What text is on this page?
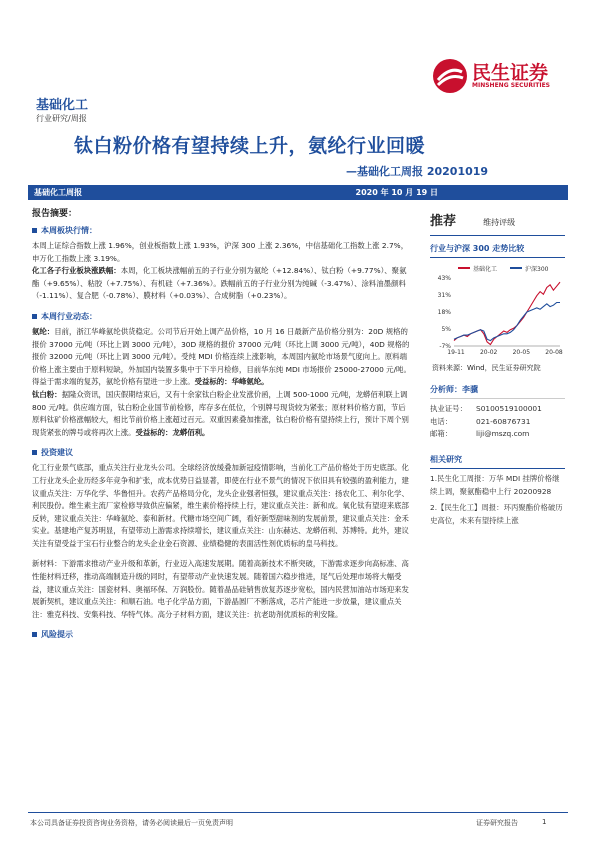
基础化工
行业研究/周报
民生证券
MINSHENG SECURITIES
钛白粉价格有望持续上升，氨纶行业回暖
—基础化工周报 20201019
基础化工周报	2020 年 10 月 19 日
报告摘要：
本周板块行情：

本周上证综合指数上涨 1.96%，创业板指数上涨 1.93%，沪深 300 上涨 2.36%，中信基础化工指数上涨 2.7%，申万化工指数上涨 3.19%。

化工各子行业板块涨跌幅：本周，化工板块涨幅前五的子行业分别为氨纶（+12.84%）、钛白粉（+9.77%）、聚氨酯（+9.65%）、粘胶（+7.75%）、有机硅（+7.36%）。跌幅前五的子行业分别为纯碱（-3.47%）、涂料油墨颜料（-1.11%）、复合肥（-0.78%）、膜材料（+0.03%）、合成树脂（+0.23%）。

本周行业动态：

氨纶：目前，浙江华峰氨纶供货稳定。公司节后开始上调产品价格，10 月 16 日最新产品价格分别为：20D 规格的报价 37000 元/吨（环比上调 3000 元/吨），30D 规格的报价 37000 元/吨（环比上调 3000 元/吨），40D 规格的报价 32000 元/吨（环比上调 3000 元/吨）。受纯 MDI 价格连续上涨影响，本周国内氨纶市场景气度向上。原料端价格上涨主要由于原料短缺，外加国内装置多集中于下半月检修，目前华东纯 MDI 市场报价 25000-27000 元/吨。得益于需求端的复苏，氨纶价格有望进一步上涨。受益标的：华峰氨纶。

钛白粉：据隆众资讯，国庆假期结束后，又有十余家钛白粉企业发涨价函，上调 500-1000 元/吨，龙蟒佰利联上调 800 元/吨。供应端方面，钛白粉企业国节前检修，库存多在低位，个别牌号现货较为紧张；原材料价格方面，节后原料钛矿价格涨幅较大，相比节前价格上涨超过百元。双重因素叠加推涨，钛白粉价格有望持续上行，预计下周个别现货紧张的牌号或将再次上涨。受益标的：龙蟒佰利。

投资建议

化工行业景气底部，重点关注行业龙头公司。全球经济放缓叠加新冠疫情影响，当前化工产品价格处于历史底部。化工行业龙头企业历经多年竞争和扩张，成本优势日益显著，即使在行业不景气的情况下依旧具有较强的盈利能力，建议重点关注：万华化学、华鲁恒升。农药产品格局分化，龙头企业强者恒强，建议重点关注：扬农化工、利尔化学、利民股份。维生素主流厂家检修导致供应偏紧，维生素价格持续上行，建议重点关注：新和成。氧化钛有望迎来底部反转，建议重点关注：华峰氨纶、泰和新材。代糖市场空间广阔，看好新型甜味剂的发展前景，建议重点关注：金禾实业。基建地产复苏明显，有望带动上游需求持续增长，建议重点关注：山东赫达、龙蟒佰利、苏博特。此外，建议关注有望受益于宝石行业整合的龙头企业金石资源、业绩稳健的表面活性剂优质标的皇马科技。

新材料：下游需求推动产业升级和革新，行业迈入高速发展期。随着高新技术不断突破，下游需求逐步向高标准、高性能材料迁移，推动高端制造升级的同时，有望带动产业快速发展。随着国六稳步推进，尾气后处理市场将大幅受益，建议重点关注：国瓷材料、奥福环保、万润股份。随着晶品硅销售放复苏逐步宽松，国内民营加油站市场迎来发展新契机，建议重点关注：和顺石油。电子化学品方面，下游晶圆厂不断落成，芯片产能进一步放量，建议重点关注：雅克科技、安集科技、华特气体。高分子材料方面，建议关注：抗老助剂优质标的利安隆。

风险提示
推荐	维持评级
行业与沪深 300 走势比较
基础化工	沪深300
43%
31%
18%
5%
-7%
19-11	20-02	20-05	20-08
资料来源：Wind，民生证券研究院
分析师：李骥
执业证号： S0100519100001
电话：	021-60876731
邮箱：	liji@mszq.com
相关研究
1.民生化工周报：万华 MDI 挂牌价格继续上调，聚氨酯稳中上行 20200928
2.【民生化工】周报：环丙聚酯价格破历史高位，未来有望持续上涨
本公司具备证券投资咨询业务资格，请务必阅读最后一页免责声明	证券研究报告	1
